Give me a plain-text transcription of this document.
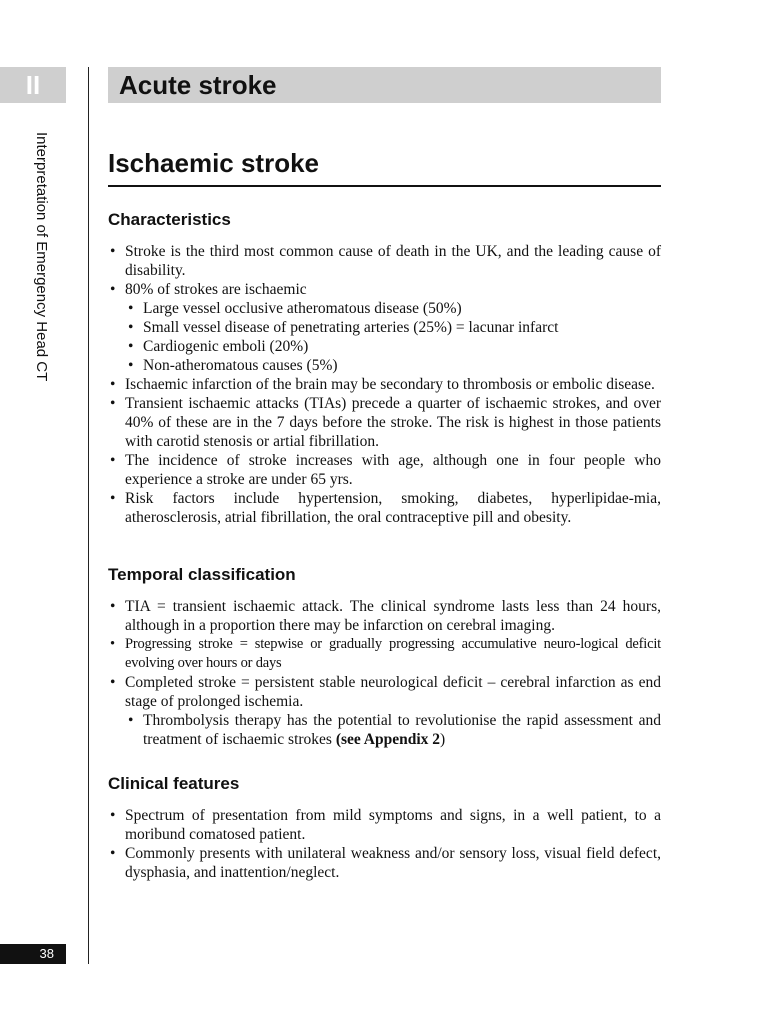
II
Interpretation of Emergency Head CT
38
Acute stroke
Ischaemic stroke
Characteristics
• Stroke is the third most common cause of death in the UK, and the leading cause of disability.
• 80% of strokes are ischaemic
• Large vessel occlusive atheromatous disease (50%)
• Small vessel disease of penetrating arteries (25%) = lacunar infarct
• Cardiogenic emboli (20%)
• Non-atheromatous causes (5%)
• Ischaemic infarction of the brain may be secondary to thrombosis or embolic disease.
• Transient ischaemic attacks (TIAs) precede a quarter of ischaemic strokes, and over 40% of these are in the 7 days before the stroke. The risk is highest in those patients with carotid stenosis or artial fibrillation.
• The incidence of stroke increases with age, although one in four people who experience a stroke are under 65 yrs.
• Risk factors include hypertension, smoking, diabetes, hyperlipidae-mia, atherosclerosis, atrial fibrillation, the oral contraceptive pill and obesity.
Temporal classification
• TIA = transient ischaemic attack. The clinical syndrome lasts less than 24 hours, although in a proportion there may be infarction on cerebral imaging.
• Progressing stroke = stepwise or gradually progressing accumulative neuro-logical deficit evolving over hours or days
• Completed stroke = persistent stable neurological deficit – cerebral infarction as end stage of prolonged ischemia.
• Thrombolysis therapy has the potential to revolutionise the rapid assessment and treatment of ischaemic strokes (see Appendix 2)
Clinical features
• Spectrum of presentation from mild symptoms and signs, in a well patient, to a moribund comatosed patient.
• Commonly presents with unilateral weakness and/or sensory loss, visual field defect, dysphasia, and inattention/neglect.
